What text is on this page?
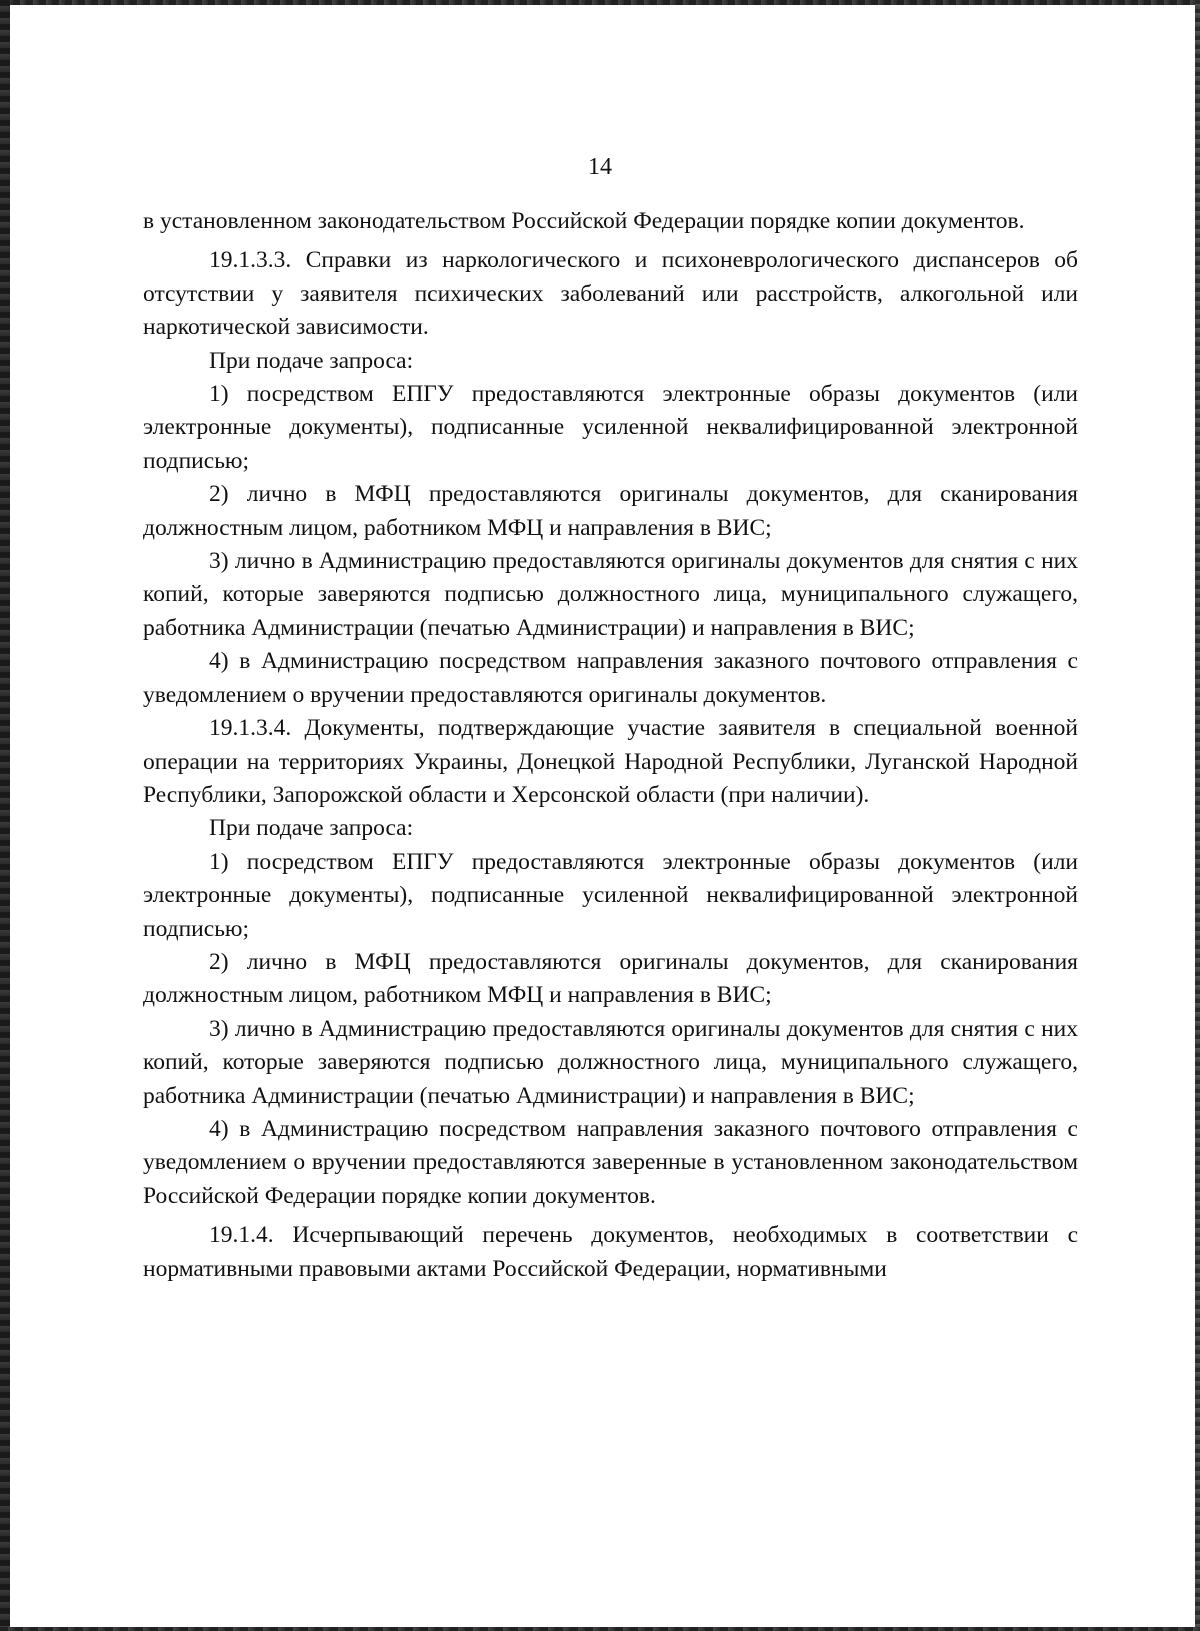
14

в установленном законодательством Российской Федерации порядке копии документов.

19.1.3.3. Справки из наркологического и психоневрологического диспансеров об отсутствии у заявителя психических заболеваний или расстройств, алкогольной или наркотической зависимости.

При подаче запроса:

1) посредством ЕПГУ предоставляются электронные образы документов (или электронные документы), подписанные усиленной неквалифицированной электронной подписью;

2) лично в МФЦ предоставляются оригиналы документов, для сканирования должностным лицом, работником МФЦ и направления в ВИС;

3) лично в Администрацию предоставляются оригиналы документов для снятия с них копий, которые заверяются подписью должностного лица, муниципального служащего, работника Администрации (печатью Администрации) и направления в ВИС;

4) в Администрацию посредством направления заказного почтового отправления с уведомлением о вручении предоставляются оригиналы документов.

19.1.3.4. Документы, подтверждающие участие заявителя в специальной военной операции на территориях Украины, Донецкой Народной Республики, Луганской Народной Республики, Запорожской области и Херсонской области (при наличии).

При подаче запроса:

1) посредством ЕПГУ предоставляются электронные образы документов (или электронные документы), подписанные усиленной неквалифицированной электронной подписью;

2) лично в МФЦ предоставляются оригиналы документов, для сканирования должностным лицом, работником МФЦ и направления в ВИС;

3) лично в Администрацию предоставляются оригиналы документов для снятия с них копий, которые заверяются подписью должностного лица, муниципального служащего, работника Администрации (печатью Администрации) и направления в ВИС;

4) в Администрацию посредством направления заказного почтового отправления с уведомлением о вручении предоставляются заверенные в установленном законодательством Российской Федерации порядке копии документов.

19.1.4. Исчерпывающий перечень документов, необходимых в соответствии с нормативными правовыми актами Российской Федерации, нормативными
